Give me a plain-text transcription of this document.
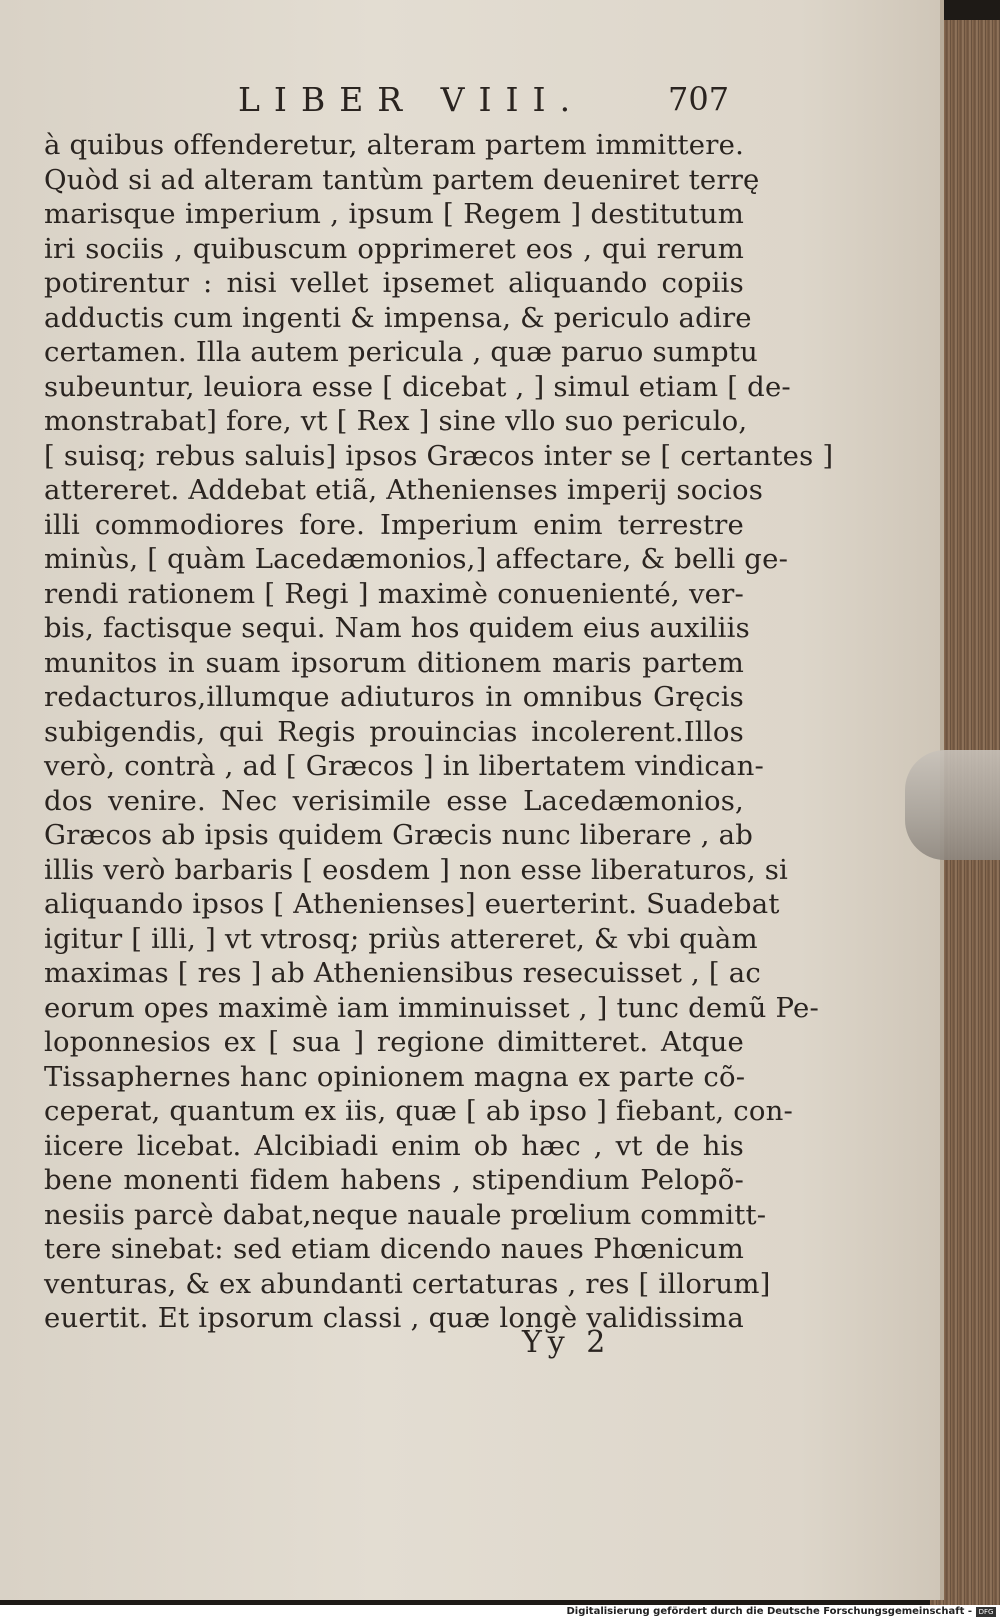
LIBER VIII.	707
à quibus offenderetur, alteram partem immittere.
Quòd si ad alteram tantùm partem deueniret terrę
marisque imperium , ipsum [ Regem ] destitutum
iri sociis , quibuscum opprimeret eos , qui rerum
potirentur : nisi vellet ipsemet aliquando copiis
adductis cum ingenti & impensa, & periculo adire
certamen. Illa autem pericula , quæ paruo sumptu
subeuntur, leuiora esse [ dicebat , ] simul etiam [ de-
monstrabat] fore, vt [ Rex ] sine vllo suo periculo,
[ suisq; rebus saluis] ipsos Græcos inter se [ certantes ]
attereret. Addebat etiã, Athenienses imperij socios
illi commodiores fore. Imperium enim terrestre
minùs, [ quàm Lacedæmonios,] affectare, & belli ge-
rendi rationem [ Regi ] maximè conuenienté, ver-
bis, factisque sequi. Nam hos quidem eius auxiliis
munitos in suam ipsorum ditionem maris partem
redacturos,illumque adiuturos in omnibus Gręcis
subigendis, qui Regis prouincias incolerent.Illos
verò, contrà , ad [ Græcos ] in libertatem vindican-
dos venire. Nec verisimile esse Lacedæmonios,
Græcos ab ipsis quidem Græcis nunc liberare , ab
illis verò barbaris [ eosdem ] non esse liberaturos, si
aliquando ipsos [ Athenienses] euerterint. Suadebat
igitur [ illi, ] vt vtrosq; priùs attereret, & vbi quàm
maximas [ res ] ab Atheniensibus resecuisset , [ ac
eorum opes maximè iam imminuisset , ] tunc demũ Pe-
loponnesios ex [ sua ] regione dimitteret. Atque
Tissaphernes hanc opinionem magna ex parte cõ-
ceperat, quantum ex iis, quæ [ ab ipso ] fiebant, con-
iicere licebat. Alcibiadi enim ob hæc , vt de his
bene monenti fidem habens , stipendium Pelopõ-
nesiis parcè dabat,neque nauale prœlium committ-
tere sinebat: sed etiam dicendo naues Phœnicum
venturas, & ex abundanti certaturas , res [ illorum]
euertit. Et ipsorum classi , quæ longè validissima
Yy 2
Digitalisierung gefördert durch die Deutsche Forschungsgemeinschaft - DFG
